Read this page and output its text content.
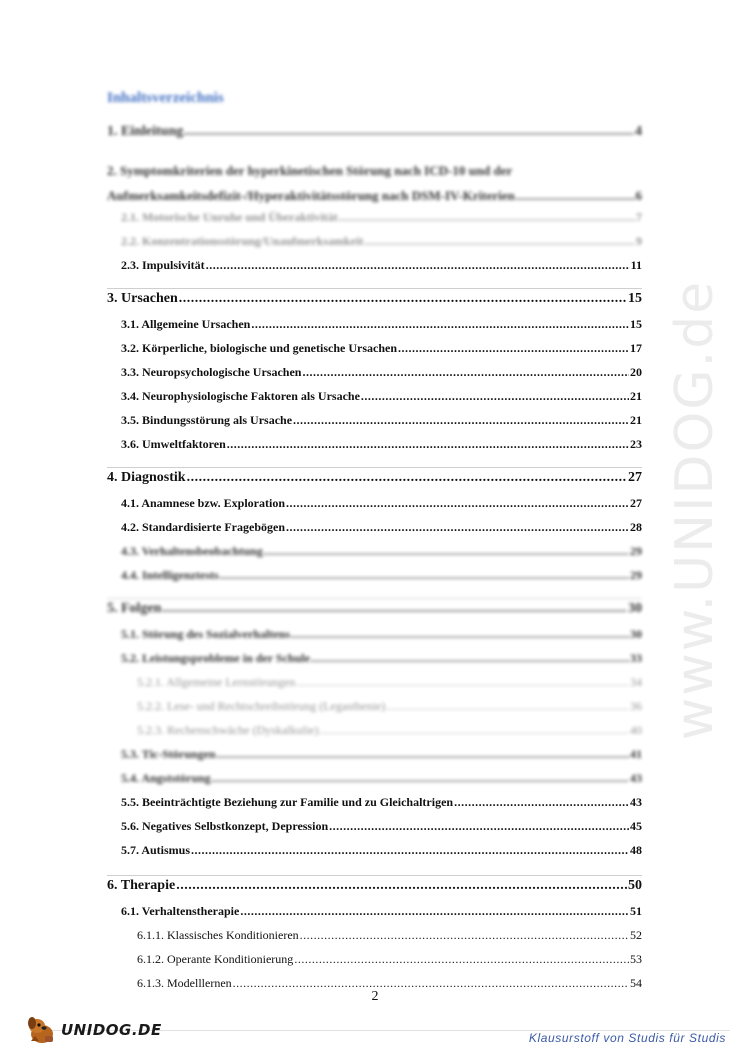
Inhaltsverzeichnis
1. Einleitung .....	4
2. Symptomkriterien der hyperkinetischen Störung nach ICD-10 und der
Aufmerksamkeitsdefizit-/Hyperaktivitätsstörung nach DSM-IV-Kriterien .....	6
2.1. Motorische Unruhe und Überaktivität .....	7
2.2. Konzentrationsstörung/Unaufmerksamkeit .....	9
2.3. Impulsivität .....	11
3. Ursachen .....	15
3.1. Allgemeine Ursachen .....	15
3.2. Körperliche, biologische und genetische Ursachen .....	17
3.3. Neuropsychologische Ursachen .....	20
3.4. Neurophysiologische Faktoren als Ursache .....	21
3.5. Bindungsstörung als Ursache .....	21
3.6. Umweltfaktoren .....	23
4. Diagnostik .....	27
4.1. Anamnese bzw. Exploration .....	27
4.2. Standardisierte Fragebögen .....	28
4.3. Verhaltensbeobachtung .....	29
4.4. Intelligenztests .....	29
5. Folgen .....	30
5.1. Störung des Sozialverhaltens .....	30
5.2. Leistungsprobleme in der Schule .....	33
5.2.1. Allgemeine Lernstörungen .....	34
5.2.2. Lese- und Rechtschreibstörung (Legasthenie) .....	36
5.2.3. Rechenschwäche (Dyskalkulie) .....	40
5.3. Tic-Störungen .....	41
5.4. Angststörung .....	43
5.5. Beeinträchtigte Beziehung zur Familie und zu Gleichaltrigen .....	43
5.6. Negatives Selbstkonzept, Depression .....	45
5.7. Autismus .....	48
6. Therapie .....	50
6.1. Verhaltenstherapie .....	51
6.1.1. Klassisches Konditionieren .....	52
6.1.2. Operante Konditionierung .....	53
6.1.3. Modelllernen .....	54
2
www.UNIDOG.de
UNIDOG.DE	Klausurstoff von Studis für Studis
